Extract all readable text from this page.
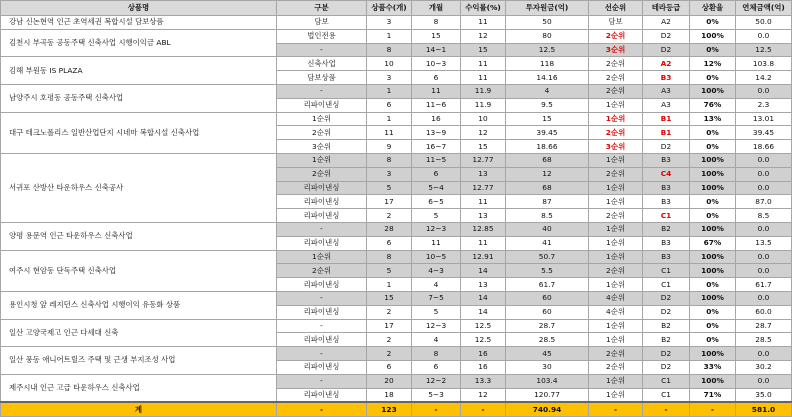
상품명	구분	상품수(개)	개월	수익률(%)	투자원금(억)	선순위	테라등급	상환율	연체금액(억)
강남 신논현역 인근 초역세권 복합시설 담보상품	담보	3	8	11	50	담보	A2	0%	50.0
김천시 부곡동 공동주택 신축사업 시행이익금 ABL	법인전용	1	15	12	80	2순위	D2	100%	0.0
	-	8	14~1	15	12.5	3순위	D2	0%	12.5
김해 부원동 IS PLAZA	신축사업	10	10~3	11	118	2순위	A2	12%	103.8
	담보상품	3	6	11	14.16	2순위	B3	0%	14.2
남양주시 호평동 공동주택 신축사업	-	1	11	11.9	4	2순위	A3	100%	0.0
	리파이낸싱	6	11~6	11.9	9.5	1순위	A3	76%	2.3
대구 테크노폴리스 일반산업단지 시네마 복합시설 신축사업	1순위	1	16	10	15	1순위	B1	13%	13.01
	2순위	11	13~9	12	39.45	2순위	B1	0%	39.45
	3순위	9	16~7	15	18.66	3순위	D2	0%	18.66
서귀포 산방산 타운하우스 신축공사	1순위	8	11~5	12.77	68	1순위	B3	100%	0.0
	2순위	3	6	13	12	2순위	C4	100%	0.0
	리파이낸싱	5	5~4	12.77	68	1순위	B3	100%	0.0
	리파이낸싱	17	6~5	11	87	1순위	B3	0%	87.0
	리파이낸싱	2	5	13	8.5	2순위	C1	0%	8.5
양평 용문역 인근 타운하우스 신축사업	-	28	12~3	12.85	40	1순위	B2	100%	0.0
	리파이낸싱	6	11	11	41	1순위	B3	67%	13.5
여주시 현암동 단독주택 신축사업	1순위	8	10~5	12.91	50.7	1순위	B3	100%	0.0
	2순위	5	4~3	14	5.5	2순위	C1	100%	0.0
	리파이낸싱	1	4	13	61.7	1순위	C1	0%	61.7
용인시청 앞 레지던스 신축사업 시행이익 유동화 상품	-	15	7~5	14	60	4순위	D2	100%	0.0
	리파이낸싱	2	5	14	60	4순위	D2	0%	60.0
일산 고양국제고 인근 다세대 신축	-	17	12~3	12.5	28.7	1순위	B2	0%	28.7
	리파이낸싱	2	4	12.5	28.5	1순위	B2	0%	28.5
일산 풍동 애니어트릴즈 주택 및 근생 부지조성 사업	-	2	8	16	45	2순위	D2	100%	0.0
	리파이낸싱	6	6	16	30	2순위	D2	33%	30.2
제주시내 인근 고급 타운하우스 신축사업	-	20	12~2	13.3	103.4	1순위	C1	100%	0.0
	리파이낸싱	18	5~3	12	120.77	1순위	C1	71%	35.0
계	-	123	-	-	740.94	-	-	-	581.0
